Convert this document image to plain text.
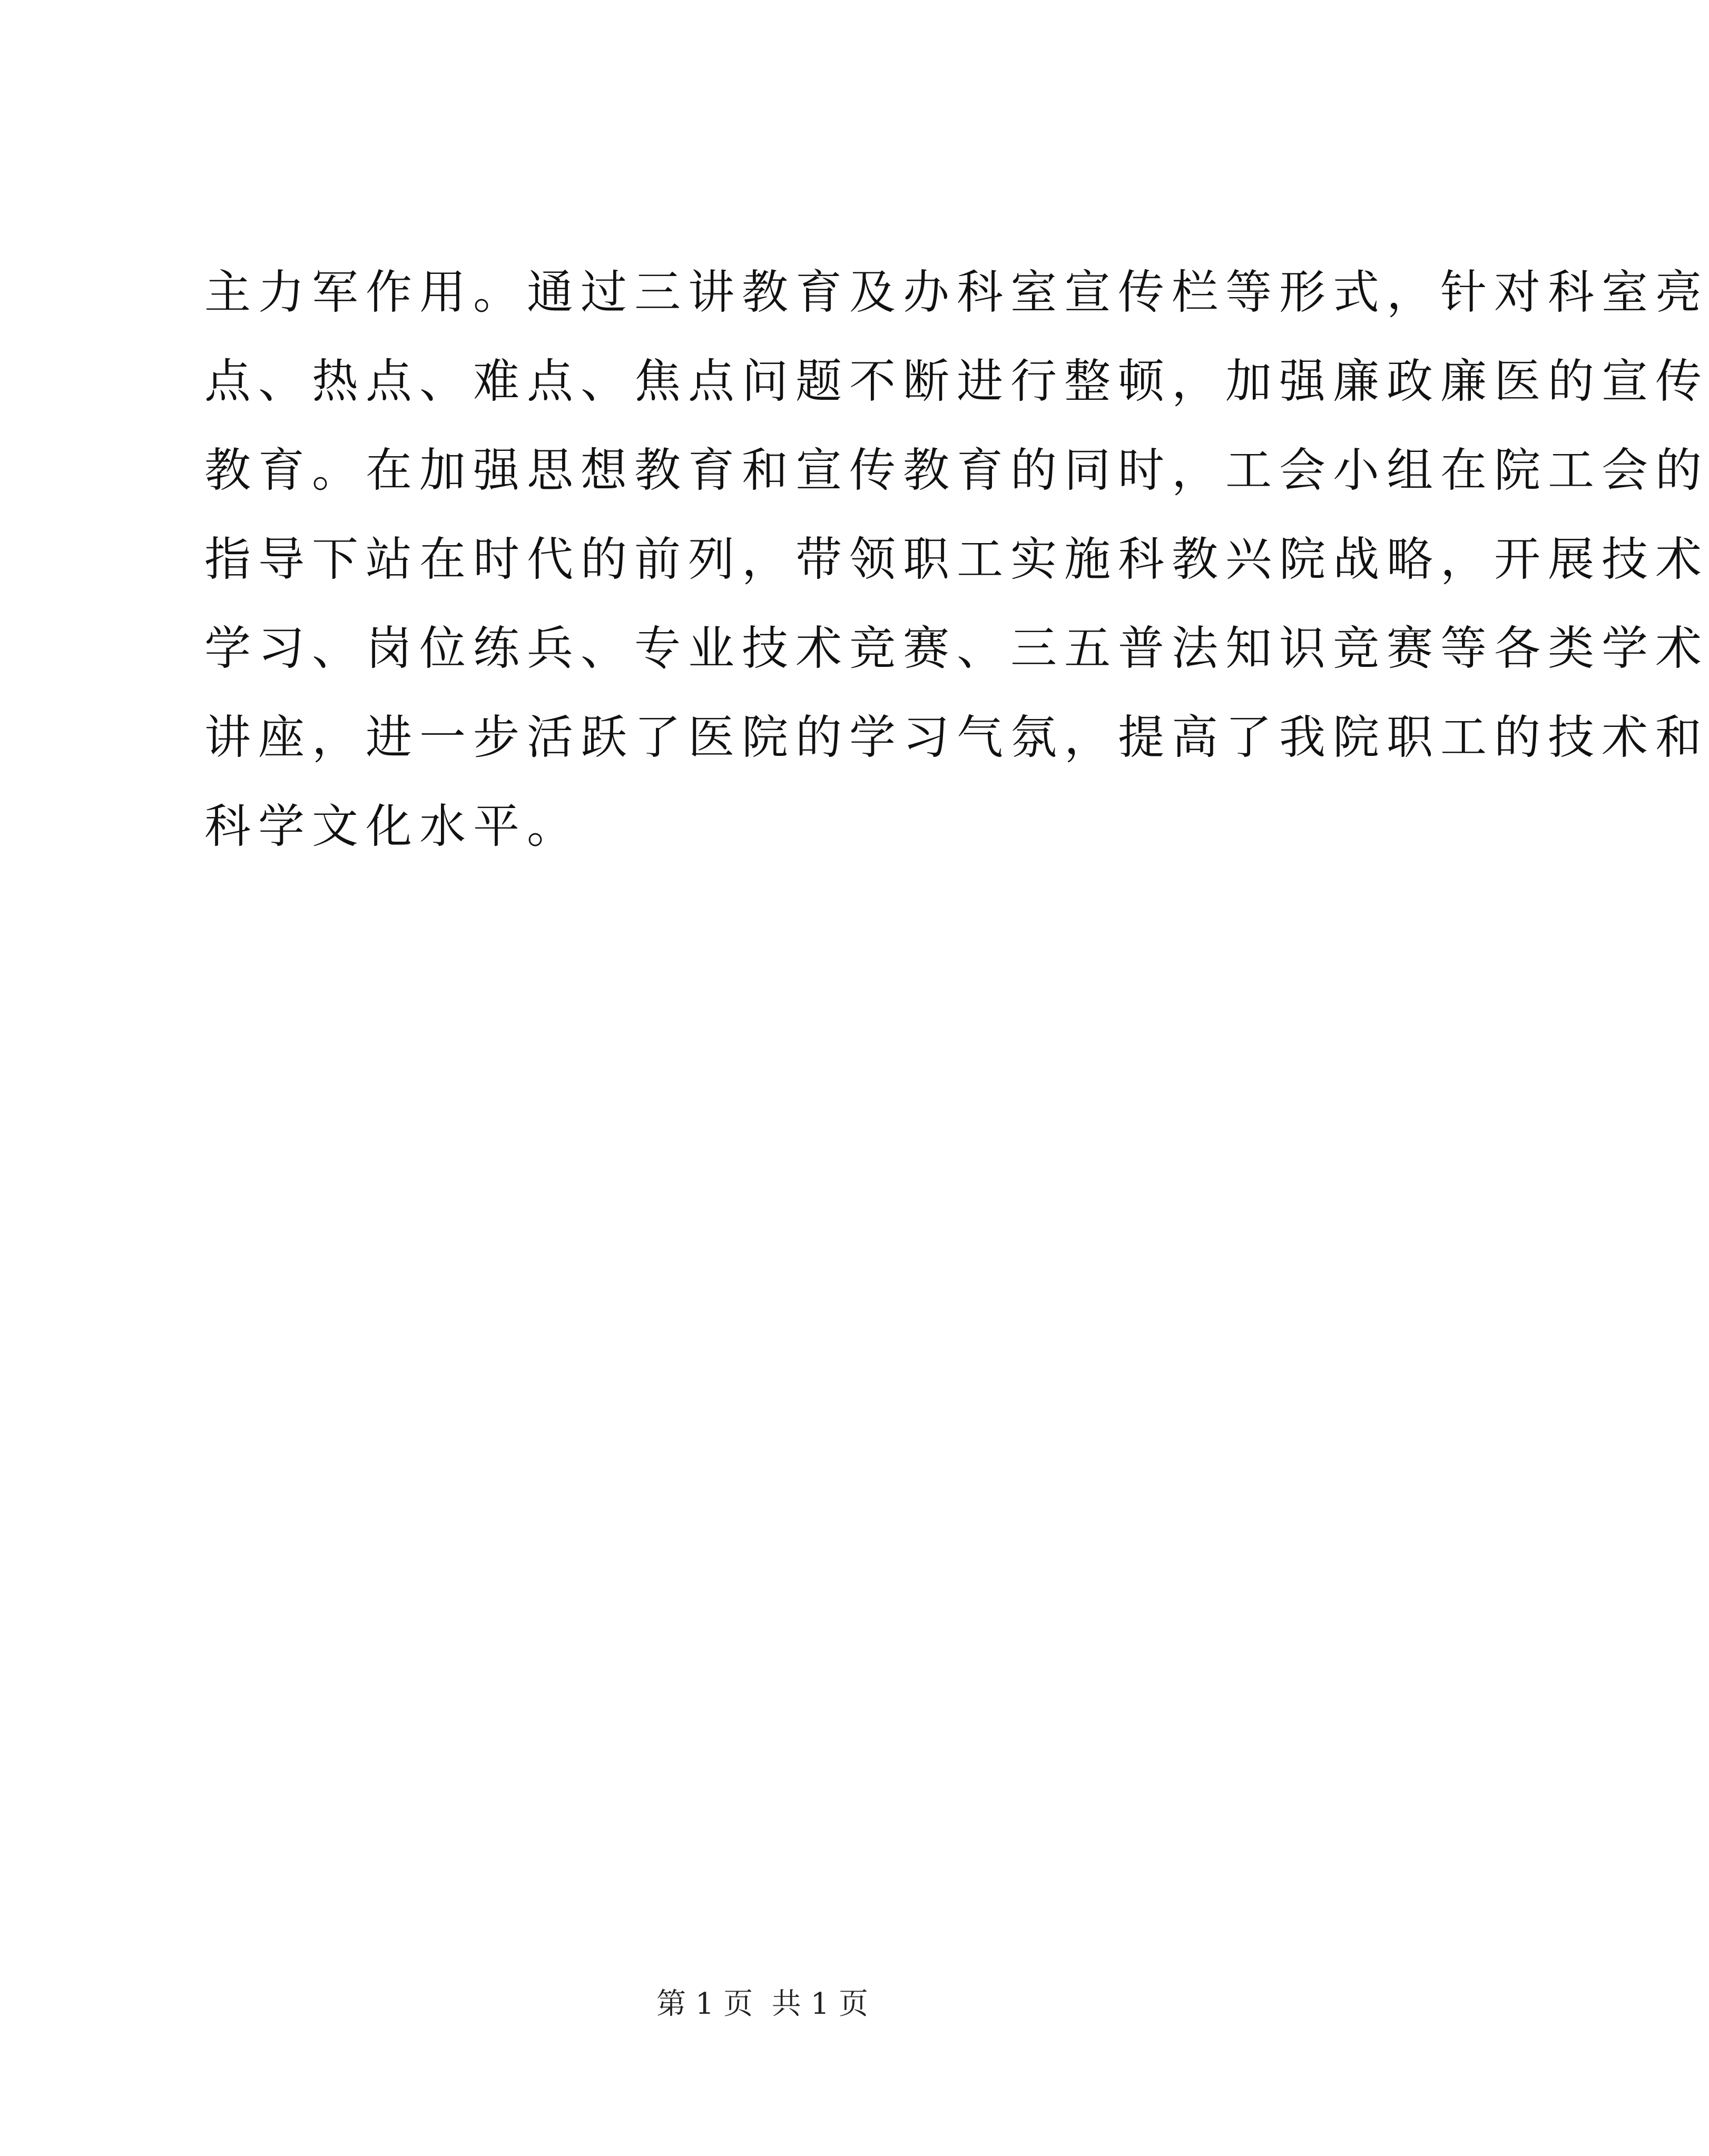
主力军作用。通过三讲教育及办科室宣传栏等形式，针对科室亮
点、热点、难点、焦点问题不断进行整顿，加强廉政廉医的宣传
教育。在加强思想教育和宣传教育的同时，工会小组在院工会的
指导下站在时代的前列，带领职工实施科教兴院战略，开展技术
学习、岗位练兵、专业技术竞赛、三五普法知识竞赛等各类学术
讲座，进一步活跃了医院的学习气氛，提高了我院职工的技术和
科学文化水平。
第 1 页  共 1 页
